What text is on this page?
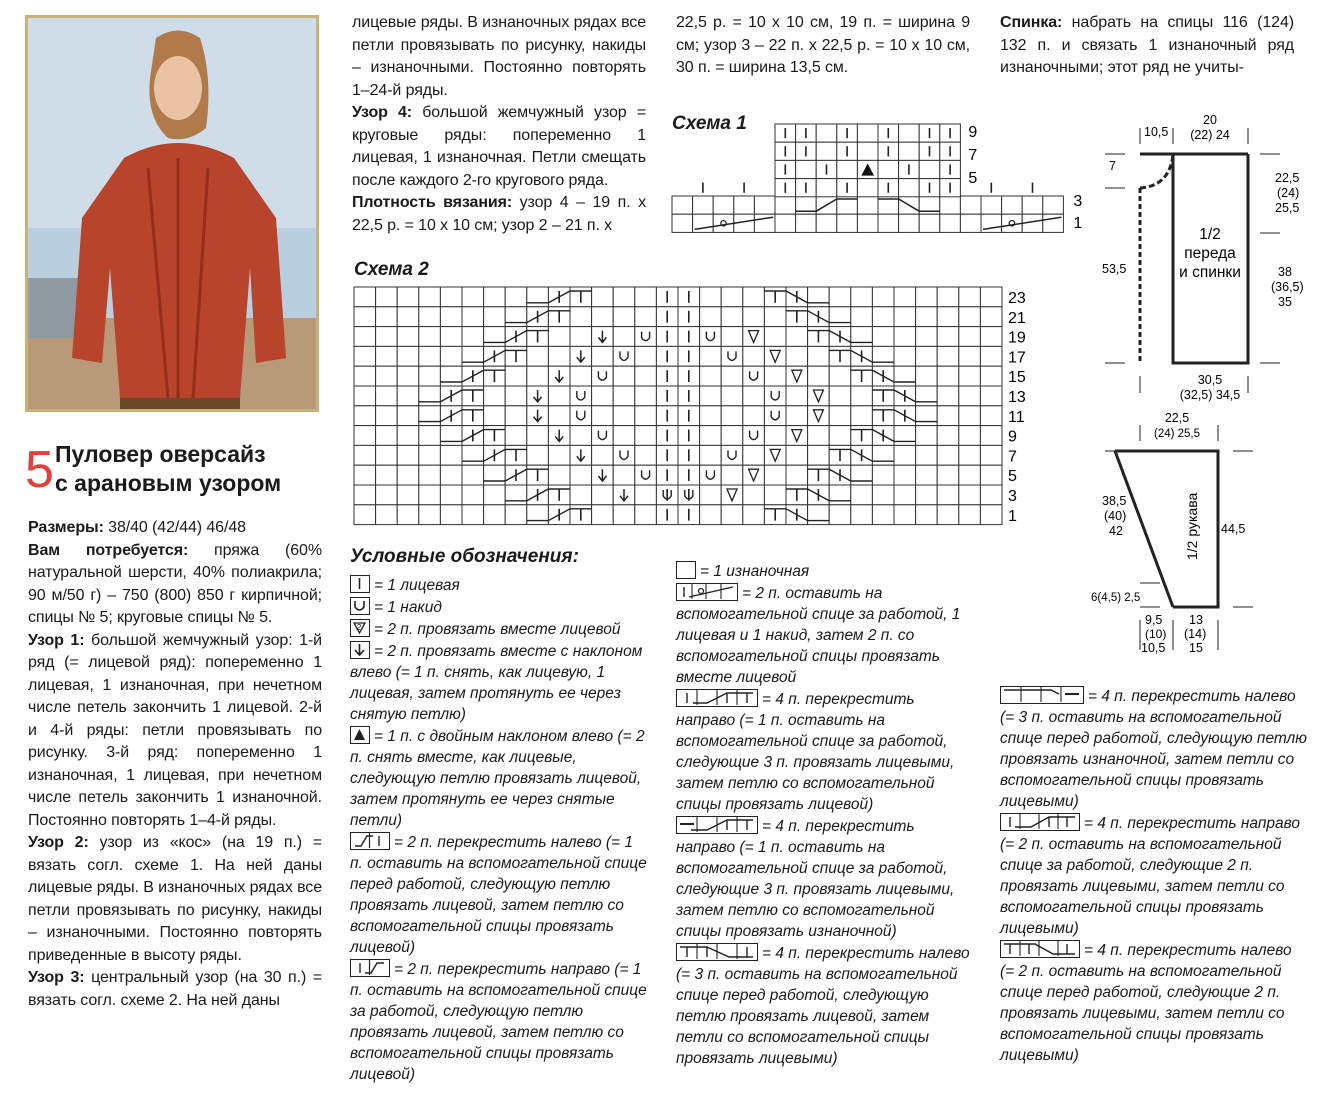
5 Пуловер оверсайз
с арановым узором

Размеры: 38/40 (42/44) 46/48

Вам потребуется: пряжа (60% натуральной шерсти, 40% полиакрила; 90 м/50 г) – 750 (800) 850 г кирпичной; спицы № 5; круговые спицы № 5.

Узор 1: большой жемчужный узор: 1-й ряд (= лицевой ряд): попеременно 1 лицевая, 1 изнаночная, при нечетном числе петель закончить 1 лицевой. 2-й и 4-й ряды: петли провязывать по рисунку. 3-й ряд: попеременно 1 изнаночная, 1 лицевая, при нечетном числе петель закончить 1 изнаночной. Постоянно повторять 1–4-й ряды.

Узор 2: узор из «кос» (на 19 п.) = вязать согл. схеме 1. На ней даны лицевые ряды. В изнаночных рядах все петли провязывать по рисунку, накиды – изнаночными. Постоянно повторять приведенные в высоту ряды.

Узор 3: центральный узор (на 30 п.) = вязать согл. схеме 2. На ней даны

лицевые ряды. В изнаночных рядах все петли провязывать по рисунку, накиды – изнаночными. Постоянно повторять 1–24-й ряды.

Узор 4: большой жемчужный узор = круговые ряды: попеременно 1 лицевая, 1 изнаночная. Петли смещать после каждого 2-го кругового ряда.

Плотность вязания: узор 4 – 19 п. х 22,5 р. = 10 х 10 см; узор 2 – 21 п. х

22,5 р. = 10 х 10 см, 19 п. = ширина 9 см; узор 3 – 22 п. х 22,5 р. = 10 х 10 см, 30 п. = ширина 13,5 см.

Спинка: набрать на спицы 116 (124) 132 п. и связать 1 изнаночный ряд изнаночными; этот ряд не учиты-

Схема 1	9
7
5
3
1
Схема 2
23
21
19
17
15
13
11
9
7
5
3
1
Условные обозначения:
= 1 лицевая
= 1 накид
2 = 2 п. провязать вместе лицевой
= 2 п. провязать вместе с наклоном влево (= 1 п. снять, как лицевую, 1 лицевая, затем протянуть ее через снятую петлю)
= 1 п. с двойным наклоном влево (= 2 п. снять вместе, как лицевые, следующую петлю провязать лицевой, затем протянуть ее через снятые петли)
= 2 п. перекрестить налево (= 1 п. оставить на вспомогательной спице перед работой, следующую петлю провязать лицевой, затем петлю со вспомогательной спицы провязать лицевой)
= 2 п. перекрестить направо (= 1 п. оставить на вспомогательной спице за работой, следующую петлю провязать лицевой, затем петлю со вспомогательной спицы провязать лицевой)
= 1 изнаночная
= 2 п. оставить на вспомогательной спице за работой, 1 лицевая и 1 накид, затем 2 п. со вспомогательной спицы провязать вместе лицевой
= 4 п. перекрестить направо (= 1 п. оставить на вспомогательной спице за работой, следующие 3 п. провязать лицевыми, затем петлю со вспомогательной спицы провязать лицевой)
= 4 п. перекрестить направо (= 1 п. оставить на вспомогательной спице за работой, следующие 3 п. провязать лицевыми, затем петлю со вспомогательной спицы провязать изнаночной)
= 4 п. перекрестить налево (= 3 п. оставить на вспомогательной спице перед работой, следующую петлю провязать лицевой, затем петли со вспомогательной спицы провязать лицевыми)
= 4 п. перекрестить налево (= 3 п. оставить на вспомогательной спице перед работой, следующую петлю провязать изнаночной, затем петли со вспомогательной спицы провязать лицевыми)
= 4 п. перекрестить направо (= 2 п. оставить на вспомогательной спице за работой, следующие 2 п. провязать лицевыми, затем петли со вспомогательной спицы провязать лицевыми)
= 4 п. перекрестить налево (= 2 п. оставить на вспомогательной спице перед работой, следующие 2 п. провязать лицевыми, затем петли со вспомогательной спицы провязать лицевыми)
10,5
20
(22) 24
7
22,5
(24)
25,5
53,5	38
(36,5)
35
1/2
переда
и спинки
30,5
(32,5) 34,5
22,5
(24) 25,5
38,5
(40)
42	44,5
6(4,5) 2,5
1/2 рукава
9,5
(10)
10,5
13
(14)
15
